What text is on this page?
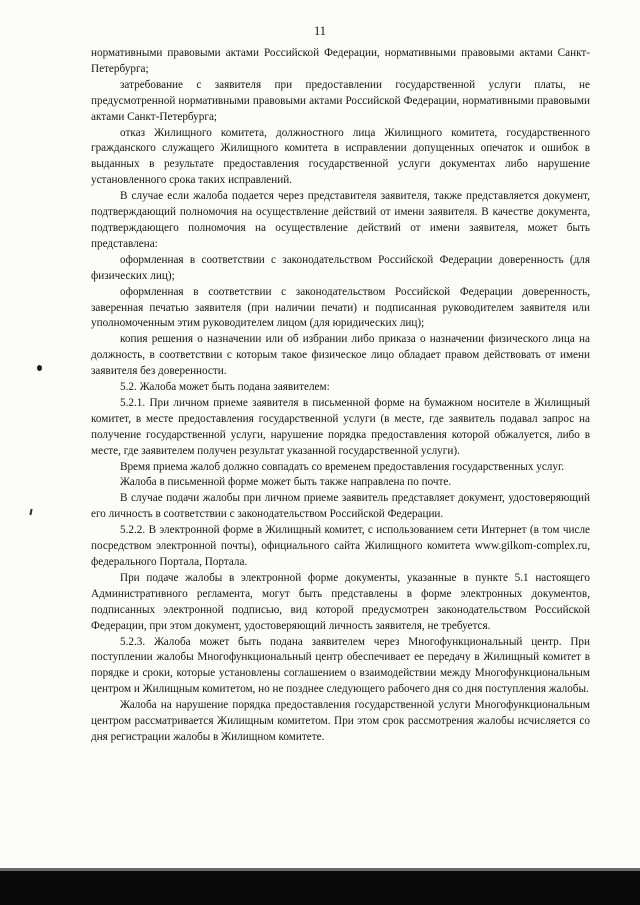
11

нормативными правовыми актами Российской Федерации, нормативными правовыми актами Санкт-Петербурга;

затребование с заявителя при предоставлении государственной услуги платы, не предусмотренной нормативными правовыми актами Российской Федерации, нормативными правовыми актами Санкт-Петербурга;

отказ Жилищного комитета, должностного лица Жилищного комитета, государственного гражданского служащего Жилищного комитета в исправлении допущенных опечаток и ошибок в выданных в результате предоставления государственной услуги документах либо нарушение установленного срока таких исправлений.

В случае если жалоба подается через представителя заявителя, также представляется документ, подтверждающий полномочия на осуществление действий от имени заявителя. В качестве документа, подтверждающего полномочия на осуществление действий от имени заявителя, может быть представлена:

оформленная в соответствии с законодательством Российской Федерации доверенность (для физических лиц);

оформленная в соответствии с законодательством Российской Федерации доверенность, заверенная печатью заявителя (при наличии печати) и подписанная руководителем заявителя или уполномоченным этим руководителем лицом (для юридических лиц);

копия решения о назначении или об избрании либо приказа о назначении физического лица на должность, в соответствии с которым такое физическое лицо обладает правом действовать от имени заявителя без доверенности.

5.2. Жалоба может быть подана заявителем:

5.2.1. При личном приеме заявителя в письменной форме на бумажном носителе в Жилищный комитет, в месте предоставления государственной услуги (в месте, где заявитель подавал запрос на получение государственной услуги, нарушение порядка предоставления которой обжалуется, либо в месте, где заявителем получен результат указанной государственной услуги).

Время приема жалоб должно совпадать со временем предоставления государственных услуг.

Жалоба в письменной форме может быть также направлена по почте.

В случае подачи жалобы при личном приеме заявитель представляет документ, удостоверяющий его личность в соответствии с законодательством Российской Федерации.

5.2.2. В электронной форме в Жилищный комитет, с использованием сети Интернет (в том числе посредством электронной почты), официального сайта Жилищного комитета www.gilkom-complex.ru, федерального Портала, Портала.

При подаче жалобы в электронной форме документы, указанные в пункте 5.1 настоящего Административного регламента, могут быть представлены в форме электронных документов, подписанных электронной подписью, вид которой предусмотрен законодательством Российской Федерации, при этом документ, удостоверяющий личность заявителя, не требуется.

5.2.3. Жалоба может быть подана заявителем через Многофункциональный центр. При поступлении жалобы Многофункциональный центр обеспечивает ее передачу в Жилищный комитет в порядке и сроки, которые установлены соглашением о взаимодействии между Многофункциональным центром и Жилищным комитетом, но не позднее следующего рабочего дня со дня поступления жалобы.

Жалоба на нарушение порядка предоставления государственной услуги Многофункциональным центром рассматривается Жилищным комитетом. При этом срок рассмотрения жалобы исчисляется со дня регистрации жалобы в Жилищном комитете.
